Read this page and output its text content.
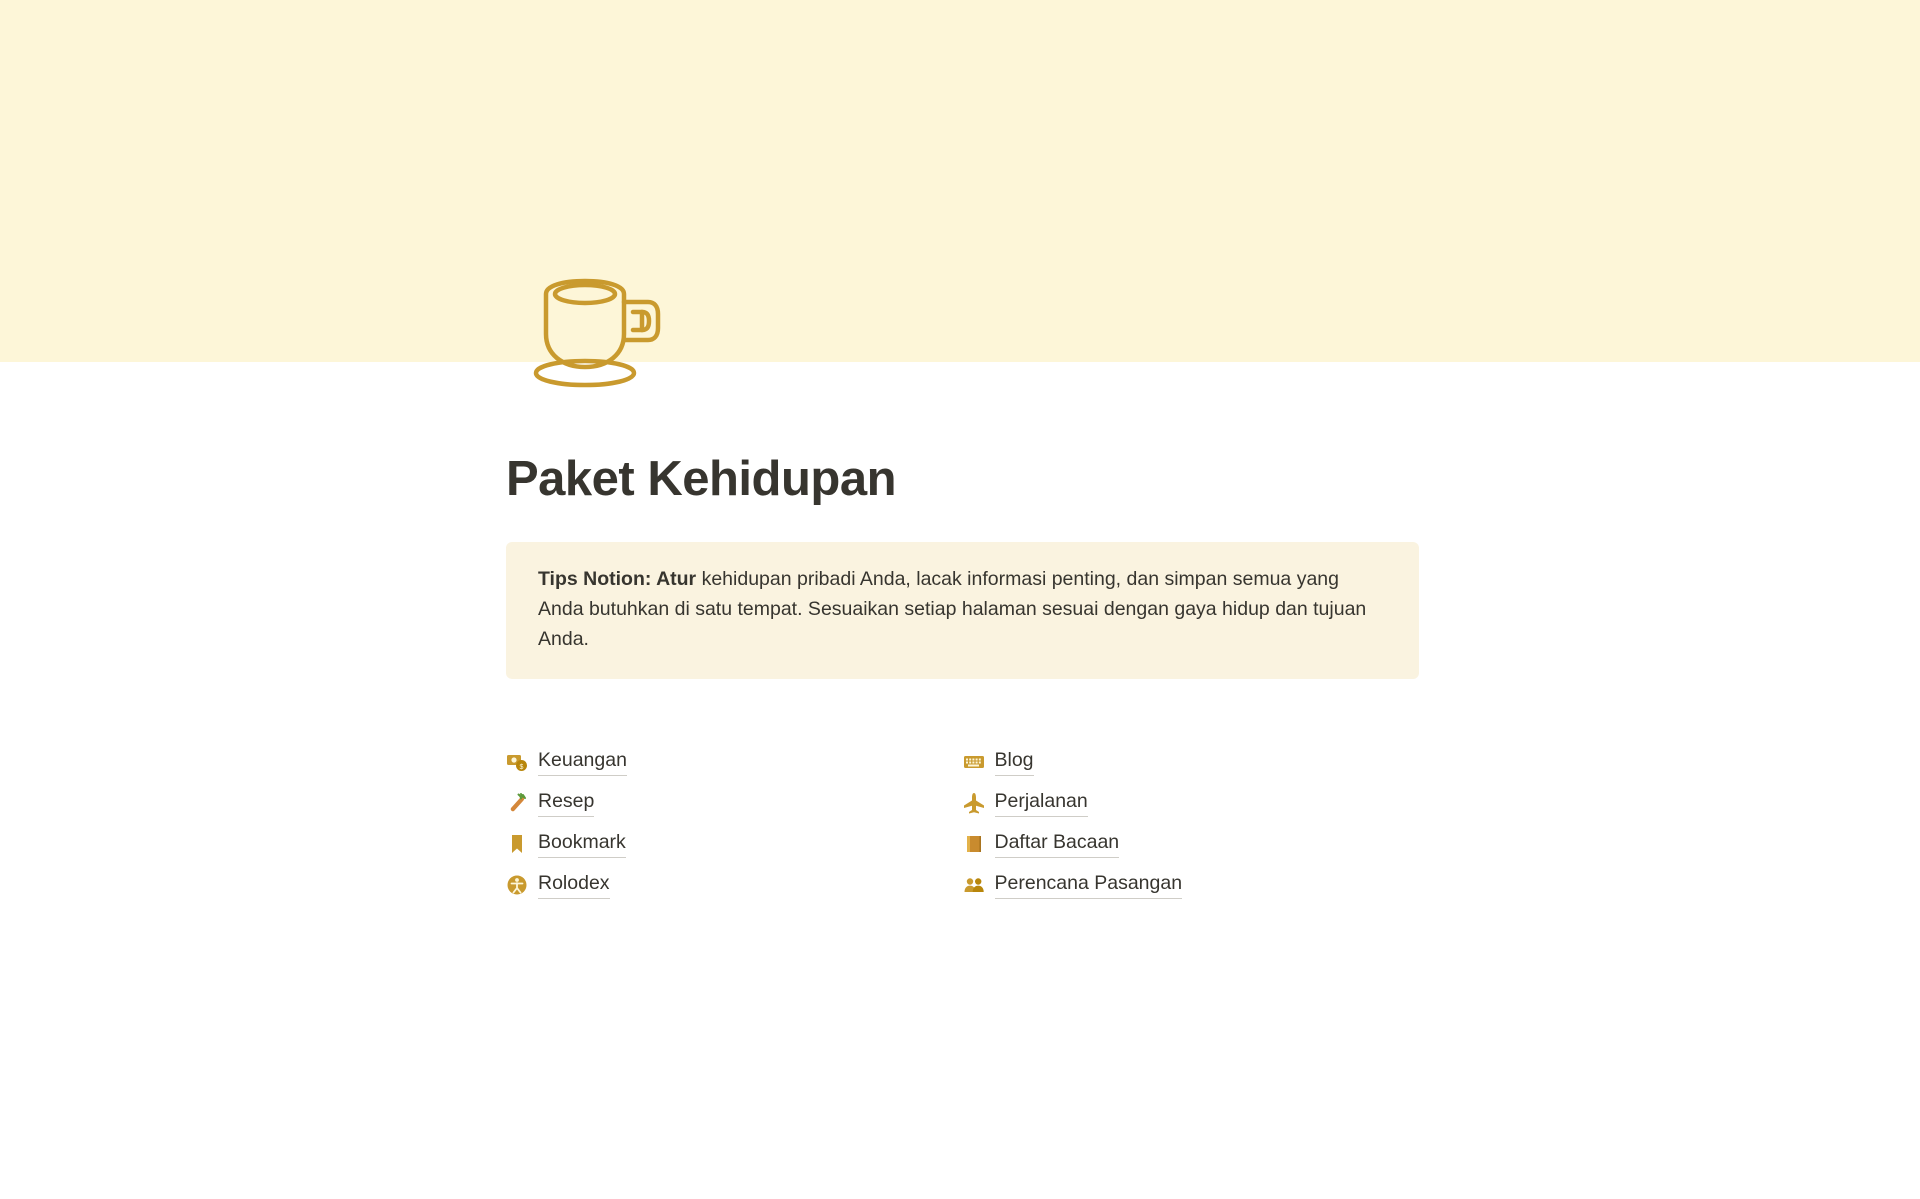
Paket Kehidupan
Tips Notion: Atur kehidupan pribadi Anda, lacak informasi penting, dan simpan semua yang Anda butuhkan di satu tempat. Sesuaikan setiap halaman sesuai dengan gaya hidup dan tujuan Anda.
$ Keuangan
Resep
Bookmark
Rolodex
Blog
Perjalanan
Daftar Bacaan
Perencana Pasangan
